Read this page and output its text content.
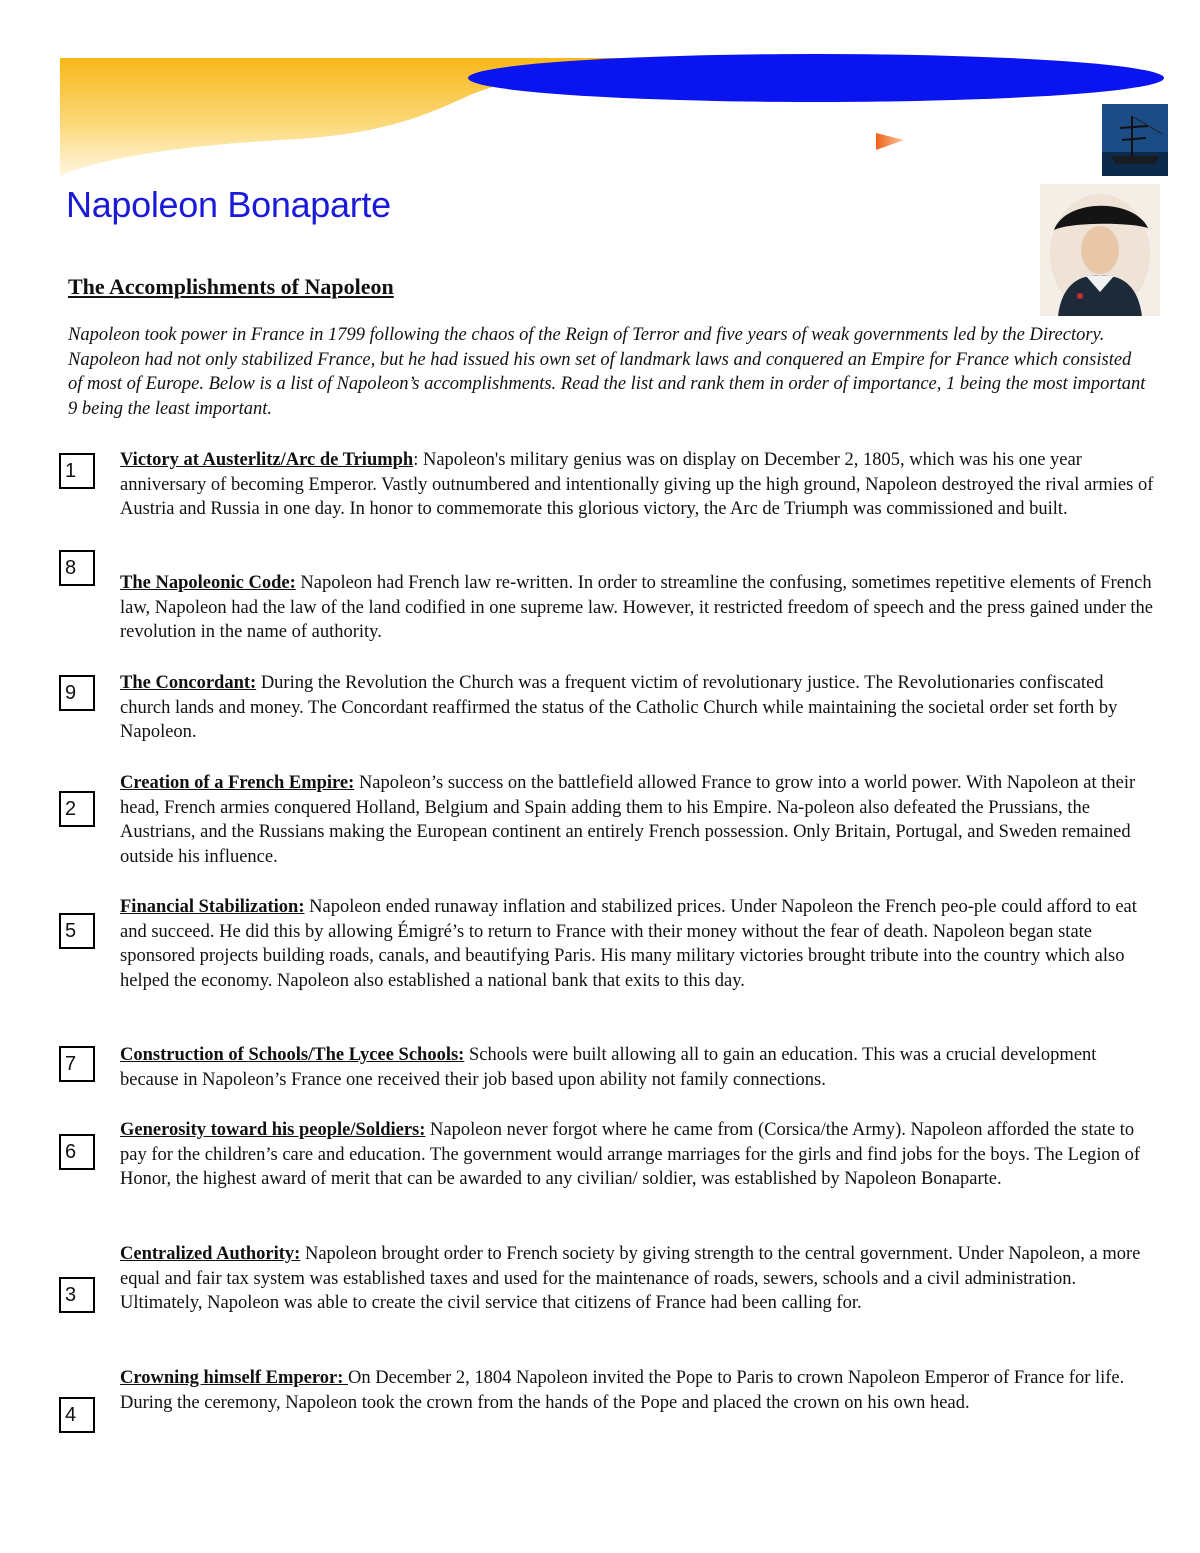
Napoleon Bonaparte
The Accomplishments of Napoleon

Napoleon took power in France in 1799 following the chaos of the Reign of Terror and five years of weak governments led by the Directory. Napoleon had not only stabilized France, but he had issued his own set of landmark laws and conquered an Empire for France which consisted of most of Europe. Below is a list of Napoleon’s accomplishments. Read the list and rank them in order of importance, 1 being the most important 9 being the least important.

1
8
9
2
5
7
6
3
4

Victory at Austerlitz/Arc de Triumph: Napoleon's military genius was on display on December 2, 1805, which was his one year anniversary of becoming Emperor. Vastly outnumbered and intentionally giving up the high ground, Napoleon destroyed the rival armies of Austria and Russia in one day. In honor to commemorate this glorious victory, the Arc de Triumph was commissioned and built.

The Napoleonic Code: Napoleon had French law re-written. In order to streamline the confusing, sometimes repetitive elements of French law, Napoleon had the law of the land codified in one supreme law. However, it restricted freedom of speech and the press gained under the revolution in the name of authority.

The Concordant: During the Revolution the Church was a frequent victim of revolutionary justice. The Revolutionaries confiscated church lands and money. The Concordant reaffirmed the status of the Catholic Church while maintaining the societal order set forth by Napoleon.

Creation of a French Empire: Napoleon’s success on the battlefield allowed France to grow into a world power. With Napoleon at their head, French armies conquered Holland, Belgium and Spain adding them to his Empire. Na-poleon also defeated the Prussians, the Austrians, and the Russians making the European continent an entirely French possession. Only Britain, Portugal, and Sweden remained outside his influence.

Financial Stabilization: Napoleon ended runaway inflation and stabilized prices. Under Napoleon the French peo-ple could afford to eat and succeed. He did this by allowing Émigré’s to return to France with their money without the fear of death. Napoleon began state sponsored projects building roads, canals, and beautifying Paris. His many military victories brought tribute into the country which also helped the economy. Napoleon also established a national bank that exits to this day.

Construction of Schools/The Lycee Schools: Schools were built allowing all to gain an education. This was a crucial development because in Napoleon’s France one received their job based upon ability not family connections.

Generosity toward his people/Soldiers: Napoleon never forgot where he came from (Corsica/the Army). Napoleon afforded the state to pay for the children’s care and education. The government would arrange marriages for the girls and find jobs for the boys. The Legion of Honor, the highest award of merit that can be awarded to any civilian/ soldier, was established by Napoleon Bonaparte.

Centralized Authority: Napoleon brought order to French society by giving strength to the central government. Under Napoleon, a more equal and fair tax system was established taxes and used for the maintenance of roads, sewers, schools and a civil administration. Ultimately, Napoleon was able to create the civil service that citizens of France had been calling for.

Crowning himself Emperor: On December 2, 1804 Napoleon invited the Pope to Paris to crown Napoleon Emperor of France for life. During the ceremony, Napoleon took the crown from the hands of the Pope and placed the crown on his own head.
